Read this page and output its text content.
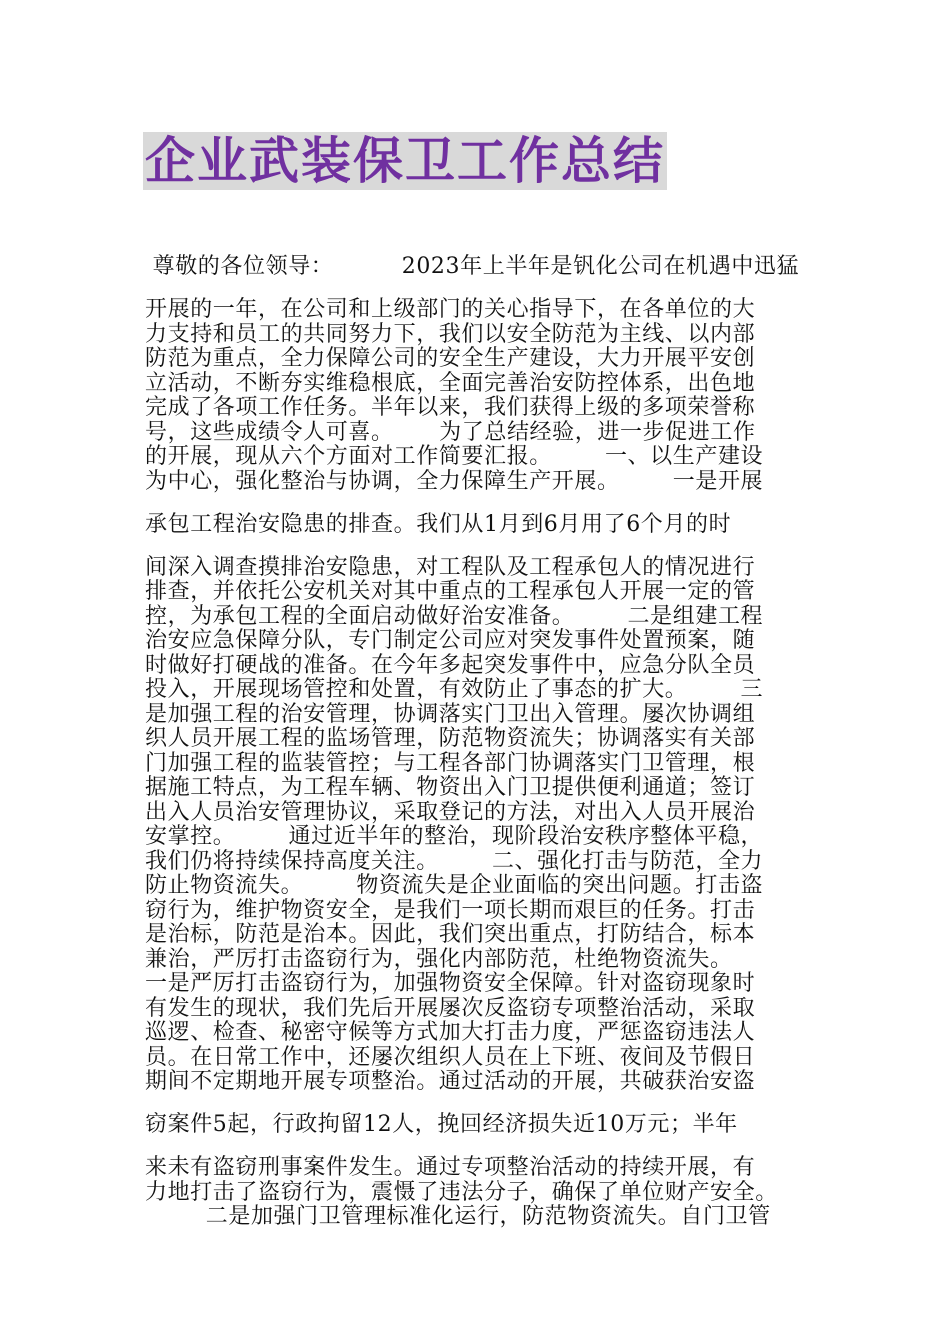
企业武装保卫工作总结
尊敬的各位领导：         2023年上半年是钒化公司在机遇中迅猛
开展的一年，在公司和上级部门的关心指导下，在各单位的大
力支持和员工的共同努力下，我们以安全防范为主线、以内部
防范为重点，全力保障公司的安全生产建设，大力开展平安创
立活动，不断夯实维稳根底，全面完善治安防控体系，出色地
完成了各项工作任务。半年以来，我们获得上级的多项荣誉称
号，这些成绩令人可喜。      为了总结经验，进一步促进工作
的开展，现从六个方面对工作简要汇报。       一、以生产建设
为中心，强化整治与协调，全力保障生产开展。       一是开展
承包工程治安隐患的排查。我们从1月到6月用了6个月的时
间深入调查摸排治安隐患，对工程队及工程承包人的情况进行
排查，并依托公安机关对其中重点的工程承包人开展一定的管
控，为承包工程的全面启动做好治安准备。       二是组建工程
治安应急保障分队，专门制定公司应对突发事件处置预案，随
时做好打硬战的准备。在今年多起突发事件中，应急分队全员
投入，开展现场管控和处置，有效防止了事态的扩大。       三
是加强工程的治安管理，协调落实门卫出入管理。屡次协调组
织人员开展工程的监场管理，防范物资流失；协调落实有关部
门加强工程的监装管控；与工程各部门协调落实门卫管理，根
据施工特点，为工程车辆、物资出入门卫提供便利通道；签订
出入人员治安管理协议，采取登记的方法，对出入人员开展治
安掌控。       通过近半年的整治，现阶段治安秩序整体平稳，
我们仍将持续保持高度关注。       二、强化打击与防范，全力
防止物资流失。       物资流失是企业面临的突出问题。打击盗
窃行为，维护物资安全，是我们一项长期而艰巨的任务。打击
是治标，防范是治本。因此，我们突出重点，打防结合，标本
兼治，严厉打击盗窃行为，强化内部防范，杜绝物资流失。
一是严厉打击盗窃行为，加强物资安全保障。针对盗窃现象时
有发生的现状，我们先后开展屡次反盗窃专项整治活动，采取
巡逻、检查、秘密守候等方式加大打击力度，严惩盗窃违法人
员。在日常工作中，还屡次组织人员在上下班、夜间及节假日
期间不定期地开展专项整治。通过活动的开展，共破获治安盗
窃案件5起，行政拘留12人，挽回经济损失近10万元；半年
来未有盗窃刑事案件发生。通过专项整治活动的持续开展，有
力地打击了盗窃行为，震慑了违法分子，确保了单位财产安全。
二是加强门卫管理标准化运行，防范物资流失。自门卫管
